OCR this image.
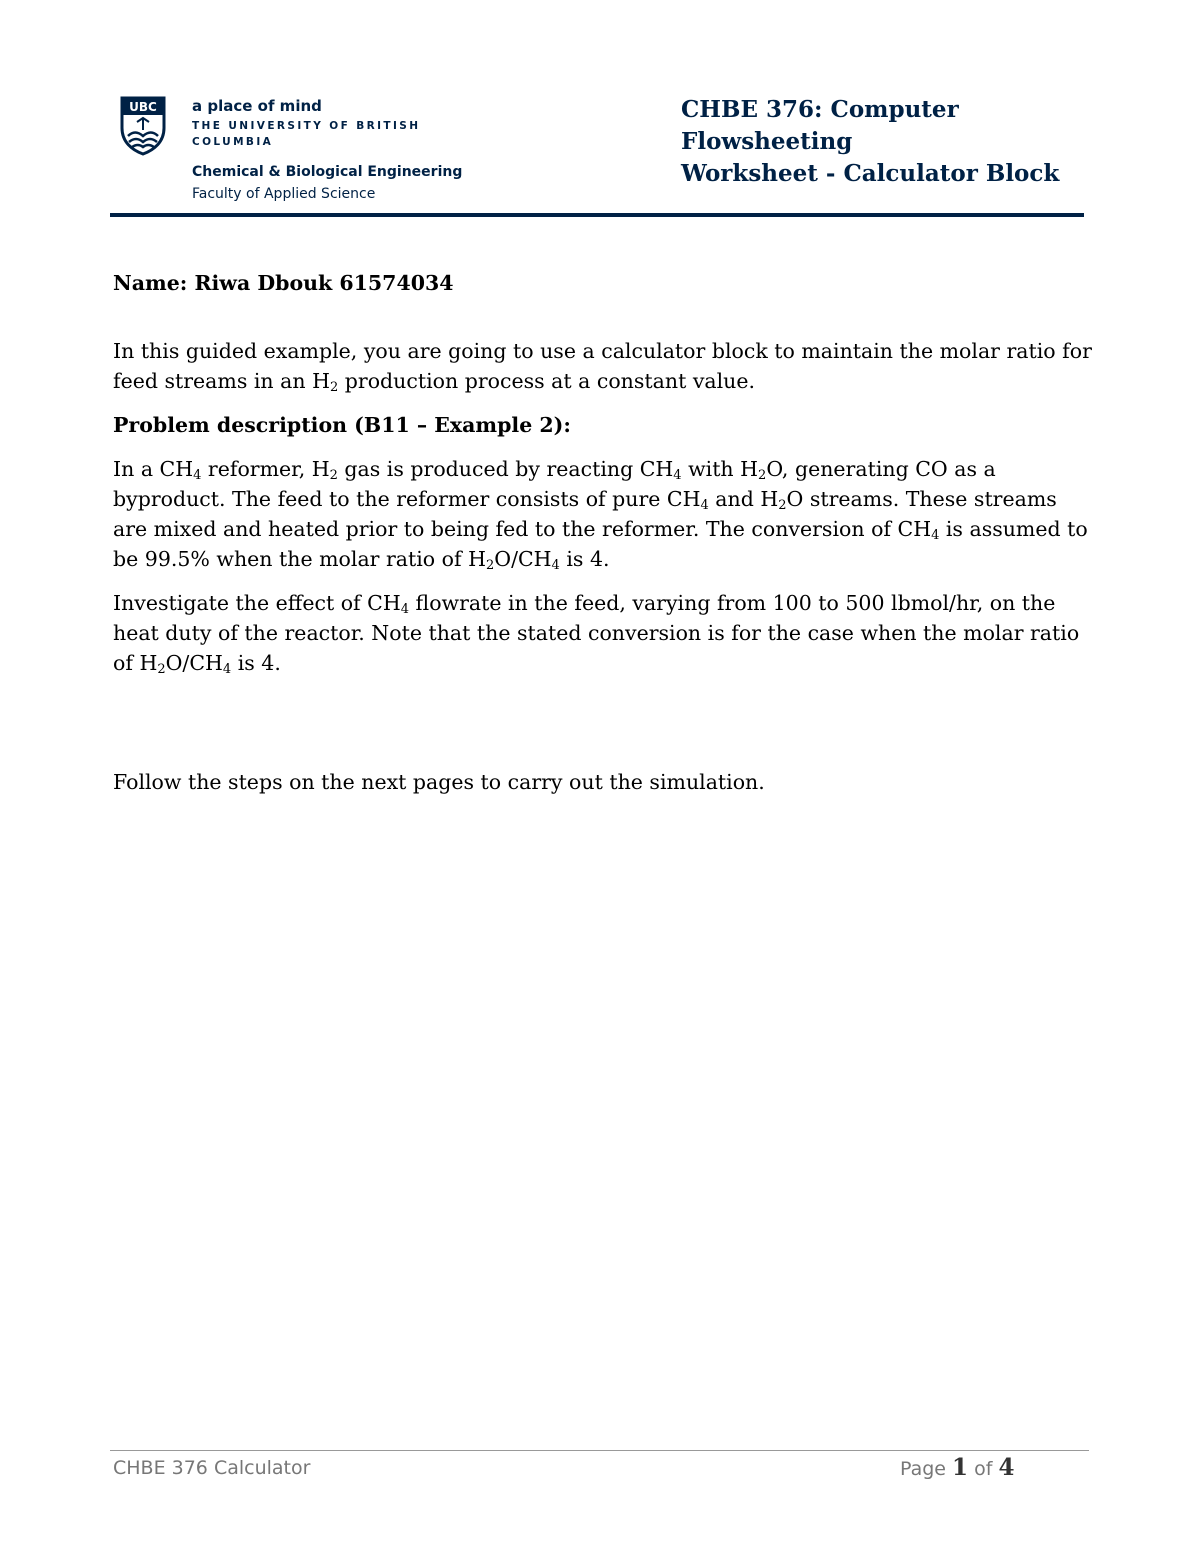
UBC a place of mind
THE UNIVERSITY OF BRITISH COLUMBIA
Chemical & Biological Engineering
Faculty of Applied Science
CHBE 376: Computer
Flowsheeting
Worksheet - Calculator Block

Name: Riwa Dbouk 61574034

In this guided example, you are going to use a calculator block to maintain the molar ratio for feed streams in an $H_2$ production process at a constant value.

Problem description (B11 – Example 2):

In a $CH_4$ reformer, $H_2$ gas is produced by reacting $CH_4$ with $H_2O$, generating CO as a byproduct. The feed to the reformer consists of pure $CH_4$ and $H_2O$ streams. These streams are mixed and heated prior to being fed to the reformer. The conversion of $CH_4$ is assumed to be 99.5% when the molar ratio of $H_2O/CH_4$ is 4.

Investigate the effect of $CH_4$ flowrate in the feed, varying from 100 to 500 lbmol/hr, on the heat duty of the reactor. Note that the stated conversion is for the case when the molar ratio of $H_2O/CH_4$ is 4.

Follow the steps on the next pages to carry out the simulation.

CHBE 376 Calculator	Page 1 of 4
